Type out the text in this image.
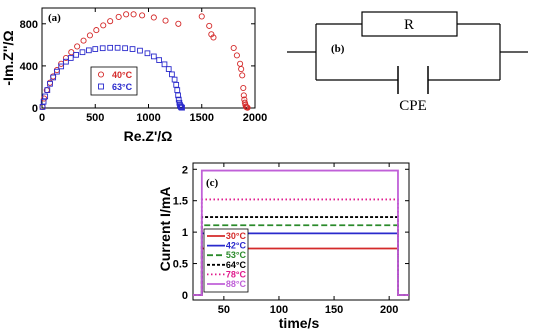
(a)
0	500	1000	1500	2000
0
400
800
Re.Z'/Ω
-Im.Z''/Ω	40°C
63°C
R
CPE
(b)
(c)
50	100	150	200
0
0.5
1
1.5
2
time/s
Current I/mA	30°C
42°C
53°C
64°C
78°C
88°C
